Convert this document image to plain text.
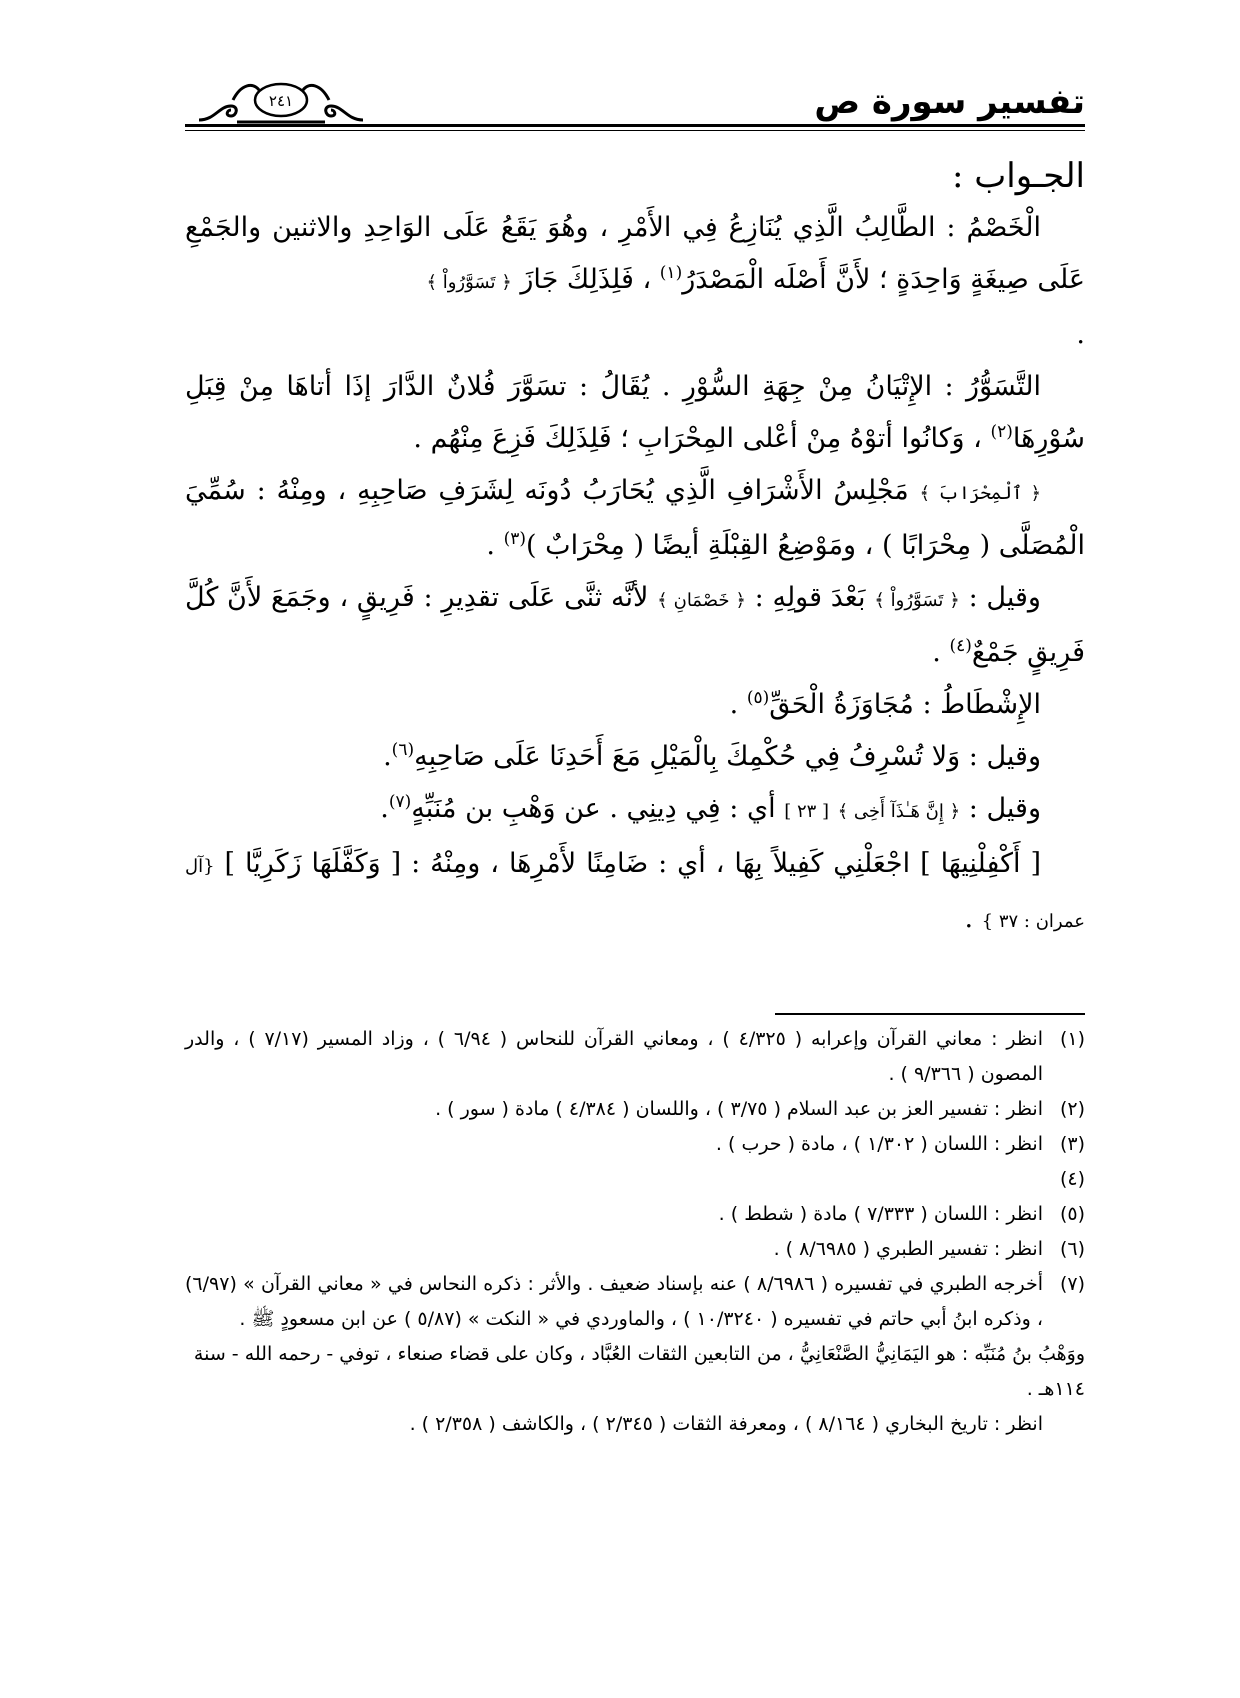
تفسير سورة ص
٢٤١

الجـواب :

الْخَصْمُ : الطَّالِبُ الَّذِي يُنَازِعُ فِي الأَمْرِ ، وهُوَ يَقَعُ عَلَى الوَاحِدِ والاثنين والجَمْعِ عَلَى صِيغَةٍ وَاحِدَةٍ ؛ لأَنَّ أَصْلَه الْمَصْدَرُ$^{(١)}$ ، فَلِذَلِكَ جَازَ ﴿ تَسَوَّرُواْ ﴾
.

التَّسَوُّرُ : الإِتْيَانُ مِنْ جِهَةِ السُّوْرِ . يُقَالُ : تسَوَّرَ فُلانٌ الدَّارَ إذَا أتاهَا مِنْ قِبَلِ سُوْرِهَا$^{(٢)}$ ، وَكانُوا أتوْهُ مِنْ أعْلى المِحْرَابِ ؛ فَلِذَلِكَ فَزِعَ مِنْهُم .

﴿ ٱلْمِحْرَابَ ﴾ مَجْلِسُ الأَشْرَافِ الَّذِي يُحَارَبُ دُونَه لِشَرَفِ صَاحِبِهِ ، ومِنْهُ : سُمِّيَ الْمُصَلَّى ( مِحْرَابًا ) ، ومَوْضِعُ القِبْلَةِ أيضًا ( مِحْرَابٌ )$^{(٣)}$ .

وقيل : ﴿ تَسَوَّرُواْ ﴾ بَعْدَ قولِهِ : ﴿ خَصْمَانِ ﴾ لأنَّه ثنَّى عَلَى تقدِيرِ : فَرِيقٍ ، وجَمَعَ لأَنَّ كُلَّ فَرِيقٍ جَمْعٌ$^{(٤)}$ .

الإِشْطَاطُ : مُجَاوَزَةُ الْحَقِّ$^{(٥)}$ .

وقيل : وَلا تُسْرِفُ فِي حُكْمِكَ بِالْمَيْلِ مَعَ أَحَدِنَا عَلَى صَاحِبِهِ$^{(٦)}$.

وقيل : ﴿ إِنَّ هَـٰذَآ أَخِى ﴾ [ ٢٣ ] أي : فِي دِينِي . عن وَهْبِ بن مُنَبِّهٍ$^{(٧)}$.

[ أَكْفِلْنِيهَا ] اجْعَلْنِي كَفِيلاً بِهَا ، أي : ضَامِنًا لأَمْرِهَا ، ومِنْهُ : [ وَكَفَّلَهَا زَكَرِيَّا ] {آل عمران : ٣٧ } .

(١)
انظر : معاني القرآن وإعرابه ( ٤/٣٢٥ ) ، ومعاني القرآن للنحاس ( ٦/٩٤ ) ، وزاد المسير (٧/١٧ ) ، والدر المصون ( ٩/٣٦٦ ) .
(٢)
انظر : تفسير العز بن عبد السلام ( ٣/٧٥ ) ، واللسان ( ٤/٣٨٤ ) مادة ( سور ) .
(٣)
انظر : اللسان ( ١/٣٠٢ ) ، مادة ( حرب ) .
(٤)
(٥)
انظر : اللسان ( ٧/٣٣٣ ) مادة ( شطط ) .
(٦)
انظر : تفسير الطبري ( ٨/٦٩٨٥ ) .
(٧)
أخرجه الطبري في تفسيره ( ٨/٦٩٨٦ ) عنه بإسناد ضعيف . والأثر : ذكره النحاس في « معاني القرآن » (٦/٩٧) ، وذكره ابنُ أبي حاتم في تفسيره ( ١٠/٣٢٤٠ ) ، والماوردي في « النكت » (٥/٨٧ ) عن ابن مسعودٍ ﷺ .
ووَهْبُ بنُ مُنَبِّه : هو اليَمَانِيُّ الصَّنْعَانِيُّ ، من التابعين الثقات العُبَّاد ، وكان على قضاء صنعاء ، توفي - رحمه الله - سنة ١١٤هـ .
انظر : تاريخ البخاري ( ٨/١٦٤ ) ، ومعرفة الثقات ( ٢/٣٤٥ ) ، والكاشف ( ٢/٣٥٨ ) .
